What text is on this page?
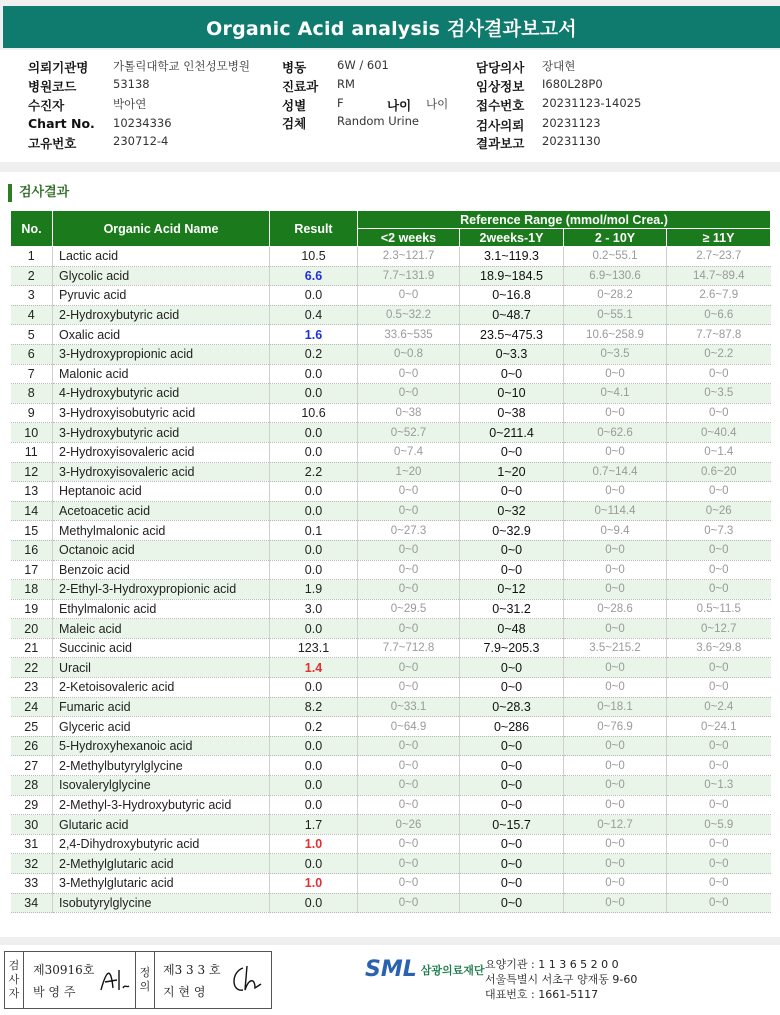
Organic Acid analysis 검사결과보고서
의뢰기관명 가톨릭대학교 인천성모병원
병원코드	53138
수진자	박아연
Chart No. 10234336
고유번호	230712-4
병동	6W / 601
진료과 RM
성별	F	나이 나이
검체	Random Urine
담당의사 장대현
임상정보 I680L28P0
접수번호 20231123-14025
검사의뢰 20231123
결과보고 20231130
검사결과
No.	Organic Acid Name	Result	Reference Range (mmol/mol Crea.)			
			<2 weeks	2weeks-1Y	2 - 10Y	≥ 11Y
1	Lactic acid	10.5	2.3~121.7	3.1~119.3	0.2~55.1	2.7~23.7
2	Glycolic acid	6.6	7.7~131.9	18.9~184.5	6.9~130.6	14.7~89.4
3	Pyruvic acid	0.0	0~0	0~16.8	0~28.2	2.6~7.9
4	2-Hydroxybutyric acid	0.4	0.5~32.2	0~48.7	0~55.1	0~6.6
5	Oxalic acid	1.6	33.6~535	23.5~475.3	10.6~258.9	7.7~87.8
6	3-Hydroxypropionic acid	0.2	0~0.8	0~3.3	0~3.5	0~2.2
7	Malonic acid	0.0	0~0	0~0	0~0	0~0
8	4-Hydroxybutyric acid	0.0	0~0	0~10	0~4.1	0~3.5
9	3-Hydroxyisobutyric acid	10.6	0~38	0~38	0~0	0~0
10	3-Hydroxybutyric acid	0.0	0~52.7	0~211.4	0~62.6	0~40.4
11	2-Hydroxyisovaleric acid	0.0	0~7.4	0~0	0~0	0~1.4
12	3-Hydroxyisovaleric acid	2.2	1~20	1~20	0.7~14.4	0.6~20
13	Heptanoic acid	0.0	0~0	0~0	0~0	0~0
14	Acetoacetic acid	0.0	0~0	0~32	0~114.4	0~26
15	Methylmalonic acid	0.1	0~27.3	0~32.9	0~9.4	0~7.3
16	Octanoic acid	0.0	0~0	0~0	0~0	0~0
17	Benzoic acid	0.0	0~0	0~0	0~0	0~0
18	2-Ethyl-3-Hydroxypropionic acid	1.9	0~0	0~12	0~0	0~0
19	Ethylmalonic acid	3.0	0~29.5	0~31.2	0~28.6	0.5~11.5
20	Maleic acid	0.0	0~0	0~48	0~0	0~12.7
21	Succinic acid	123.1	7.7~712.8	7.9~205.3	3.5~215.2	3.6~29.8
22	Uracil	1.4	0~0	0~0	0~0	0~0
23	2-Ketoisovaleric acid	0.0	0~0	0~0	0~0	0~0
24	Fumaric acid	8.2	0~33.1	0~28.3	0~18.1	0~2.4
25	Glyceric acid	0.2	0~64.9	0~286	0~76.9	0~24.1
26	5-Hydroxyhexanoic acid	0.0	0~0	0~0	0~0	0~0
27	2-Methylbutyrylglycine	0.0	0~0	0~0	0~0	0~0
28	Isovalerylglycine	0.0	0~0	0~0	0~0	0~1.3
29	2-Methyl-3-Hydroxybutyric acid	0.0	0~0	0~0	0~0	0~0
30	Glutaric acid	1.7	0~26	0~15.7	0~12.7	0~5.9
31	2,4-Dihydroxybutyric acid	1.0	0~0	0~0	0~0	0~0
32	2-Methylglutaric acid	0.0	0~0	0~0	0~0	0~0
33	3-Methylglutaric acid	1.0	0~0	0~0	0~0	0~0
34	Isobutyrylglycine	0.0	0~0	0~0	0~0	0~0
검사자
제30916호
박 영 주
정의
제3 3 3 호
지 현 영
SML 삼광의료재단 요양기관 : 1 1 3 6 5 2 0 0
서울특별시 서초구 양재동 9-60
대표번호 : 1661-5117
